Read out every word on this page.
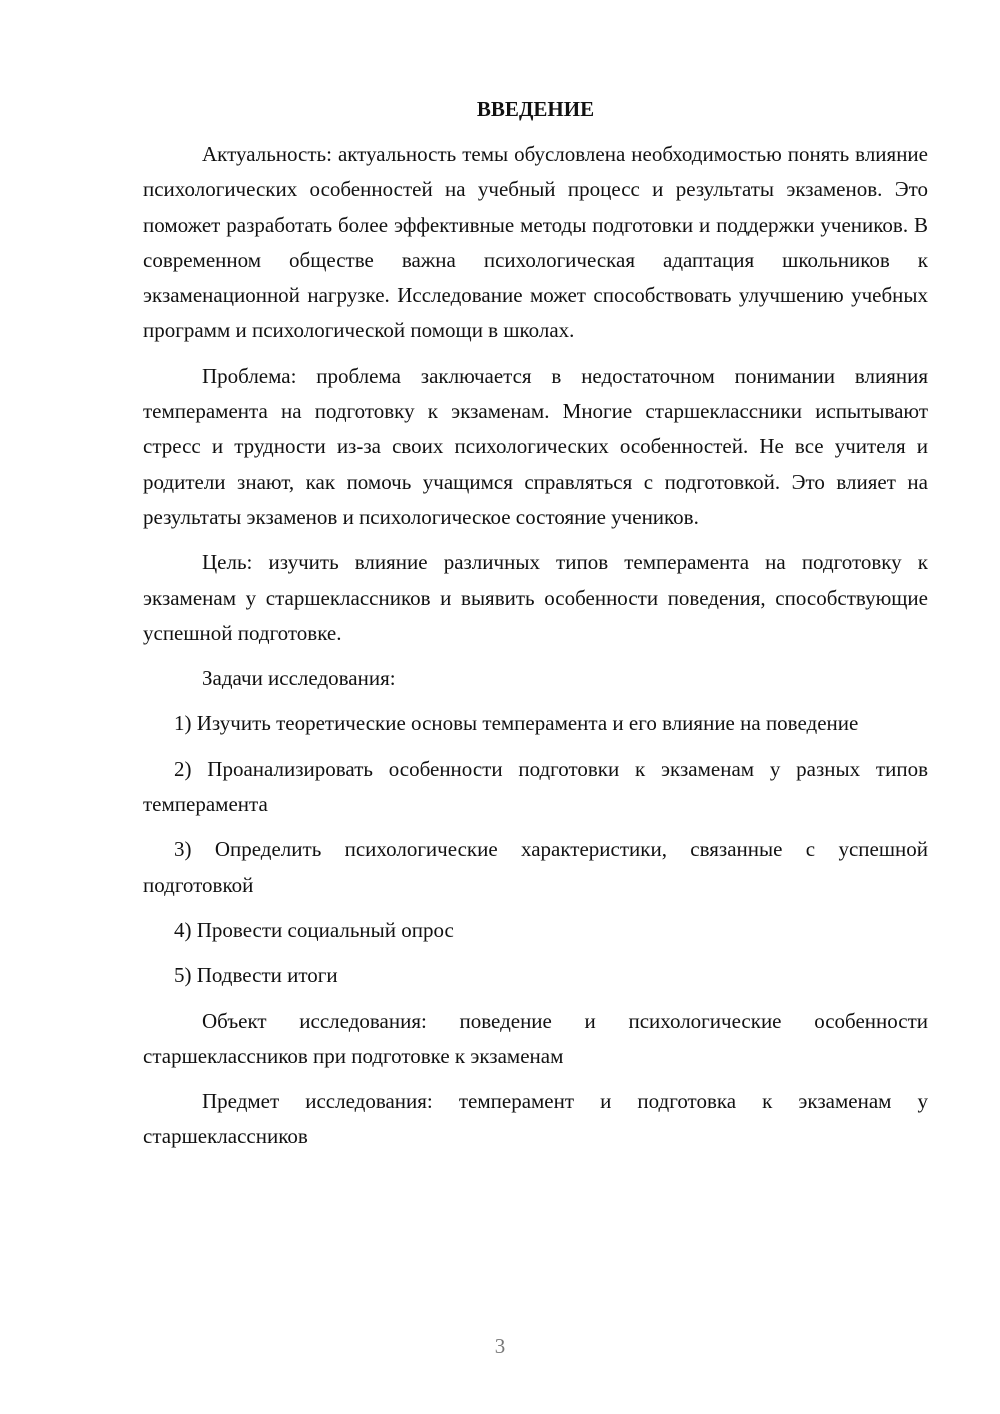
ВВЕДЕНИЕ

Актуальность: актуальность темы обусловлена необходимостью понять влияние психологических особенностей на учебный процесс и результаты экзаменов. Это поможет разработать более эффективные методы подготовки и поддержки учеников. В современном обществе важна психологическая адаптация школьников к экзаменационной нагрузке. Исследование может способствовать улучшению учебных программ и психологической помощи в школах.

Проблема: проблема заключается в недостаточном понимании влияния темперамента на подготовку к экзаменам. Многие старшеклассники испытывают стресс и трудности из-за своих психологических особенностей. Не все учителя и родители знают, как помочь учащимся справляться с подготовкой. Это влияет на результаты экзаменов и психологическое состояние учеников.

Цель: изучить влияние различных типов темперамента на подготовку к экзаменам у старшеклассников и выявить особенности поведения, способствующие успешной подготовке.

Задачи исследования:

1) Изучить теоретические основы темперамента и его влияние на поведение

2) Проанализировать особенности подготовки к экзаменам у разных типов темперамента

3) Определить психологические характеристики, связанные с успешной подготовкой

4) Провести социальный опрос

5) Подвести итоги

Объект исследования: поведение и психологические особенности старшеклассников при подготовке к экзаменам

Предмет исследования: темперамент и подготовка к экзаменам у старшеклассников

3
